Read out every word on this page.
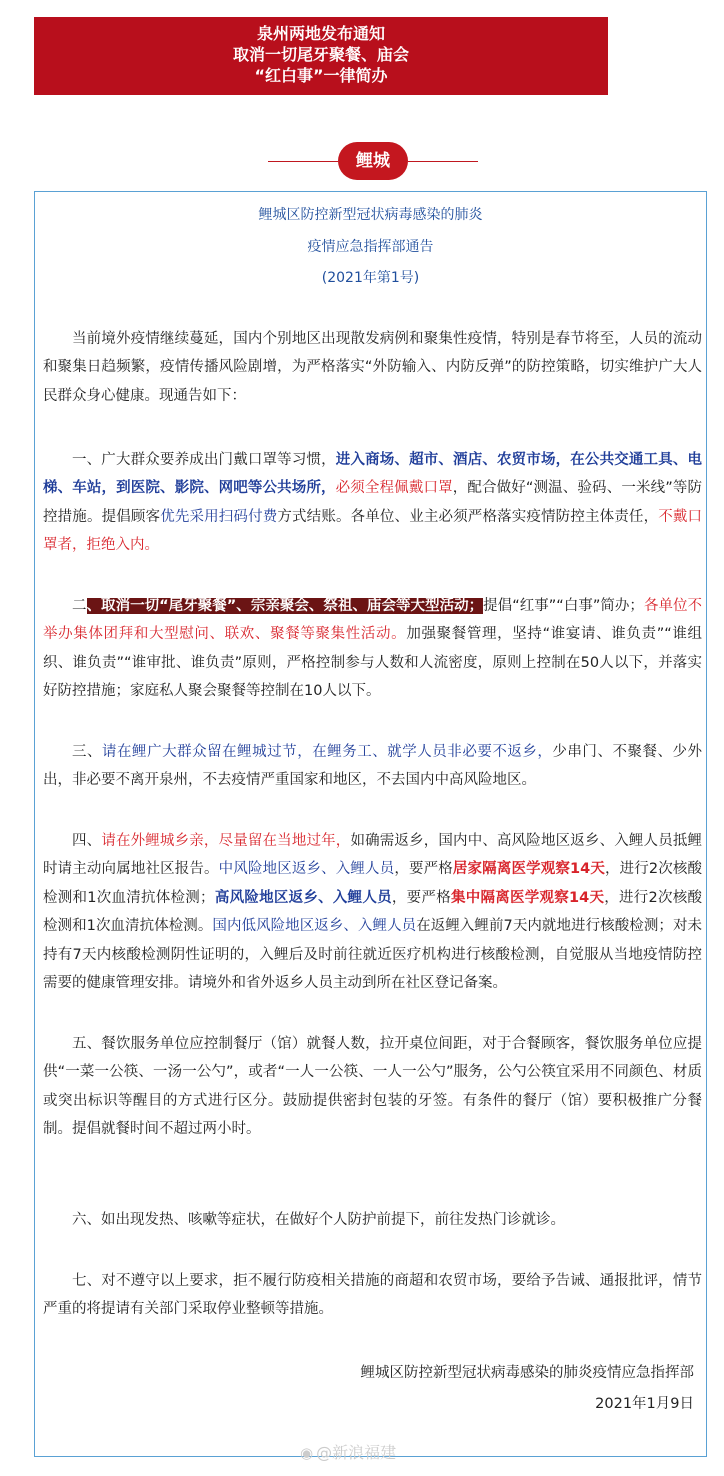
泉州两地发布通知
取消一切尾牙聚餐、庙会
“红白事”一律简办
鲤城
鲤城区防控新型冠状病毒感染的肺炎
疫情应急指挥部通告
(2021年第1号)
当前境外疫情继续蔓延，国内个别地区出现散发病例和聚集性疫情，特别是春节将至，人员的流动和聚集日趋频繁，疫情传播风险剧增，为严格落实“外防输入、内防反弹”的防控策略，切实维护广大人民群众身心健康。现通告如下：
一、广大群众要养成出门戴口罩等习惯，进入商场、超市、酒店、农贸市场，在公共交通工具、电梯、车站，到医院、影院、网吧等公共场所，必须全程佩戴口罩，配合做好“测温、验码、一米线”等防控措施。提倡顾客优先采用扫码付费方式结账。各单位、业主必须严格落实疫情防控主体责任，不戴口罩者，拒绝入内。
二、取消一切“尾牙聚餐”、宗亲聚会、祭祖、庙会等大型活动；提倡“红事”“白事”简办；各单位不举办集体团拜和大型慰问、联欢、聚餐等聚集性活动。加强聚餐管理，坚持“谁宴请、谁负责”“谁组织、谁负责”“谁审批、谁负责”原则，严格控制参与人数和人流密度，原则上控制在50人以下，并落实好防控措施；家庭私人聚会聚餐等控制在10人以下。
三、请在鲤广大群众留在鲤城过节，在鲤务工、就学人员非必要不返乡，少串门、不聚餐、少外出，非必要不离开泉州，不去疫情严重国家和地区，不去国内中高风险地区。
四、请在外鲤城乡亲，尽量留在当地过年，如确需返乡，国内中、高风险地区返乡、入鲤人员抵鲤时请主动向属地社区报告。中风险地区返乡、入鲤人员，要严格居家隔离医学观察14天，进行2次核酸检测和1次血清抗体检测；高风险地区返乡、入鲤人员，要严格集中隔离医学观察14天，进行2次核酸检测和1次血清抗体检测。国内低风险地区返乡、入鲤人员在返鲤入鲤前7天内就地进行核酸检测；对未持有7天内核酸检测阴性证明的，入鲤后及时前往就近医疗机构进行核酸检测，自觉服从当地疫情防控需要的健康管理安排。请境外和省外返乡人员主动到所在社区登记备案。
五、餐饮服务单位应控制餐厅（馆）就餐人数，拉开桌位间距，对于合餐顾客，餐饮服务单位应提供“一菜一公筷、一汤一公勺”，或者“一人一公筷、一人一公勺”服务，公勺公筷宜采用不同颜色、材质或突出标识等醒目的方式进行区分。鼓励提供密封包装的牙签。有条件的餐厅（馆）要积极推广分餐制。提倡就餐时间不超过两小时。
六、如出现发热、咳嗽等症状，在做好个人防护前提下，前往发热门诊就诊。
七、对不遵守以上要求，拒不履行防疫相关措施的商超和农贸市场，要给予告诫、通报批评，情节严重的将提请有关部门采取停业整顿等措施。
鲤城区防控新型冠状病毒感染的肺炎疫情应急指挥部
2021年1月9日
◉ @新浪福建
